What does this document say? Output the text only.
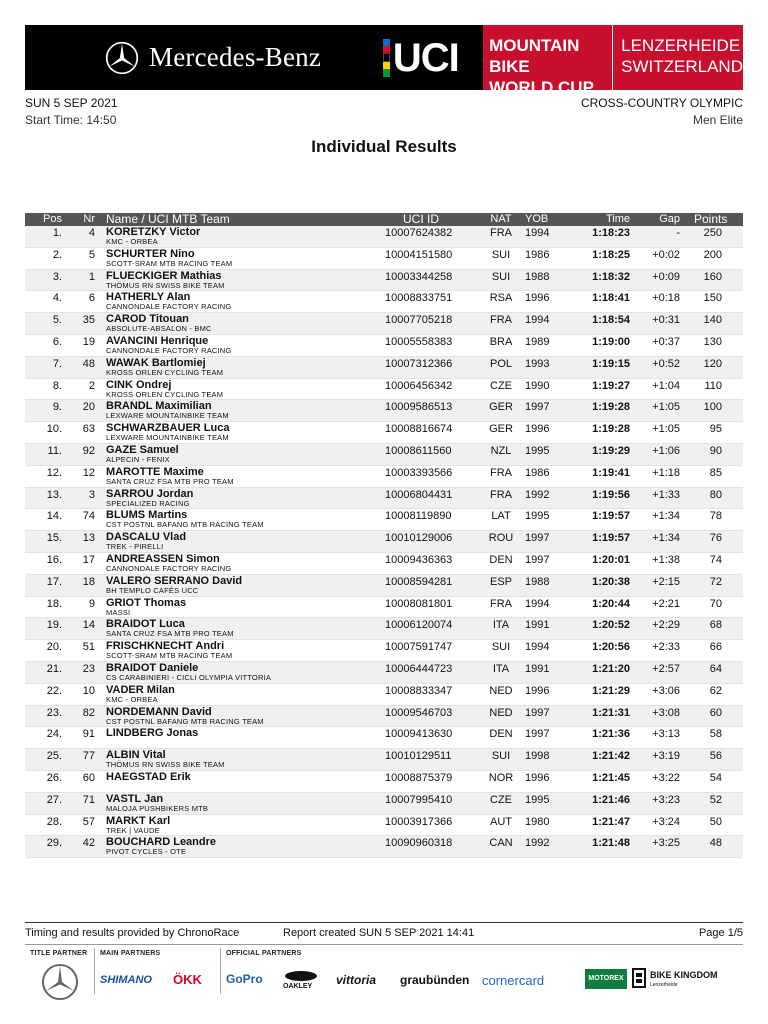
Mercedes-Benz UCI MOUNTAIN BIKE
WORLD CUP
LENZERHEIDE
SWITZERLAND
SUN 5 SEP 2021
Start Time: 14:50
CROSS-COUNTRY OLYMPIC
Men Elite
Individual Results
Pos	Nr Name / UCI MTB Team	UCI ID	NAT	YOB	Time	Gap Points
1.	4 KORETZKY Victor
KMC - ORBEA
10007624382	FRA	1994	1:18:23	-	250
2.	5 SCHURTER Nino
SCOTT-SRAM MTB RACING TEAM
10004151580	SUI	1986	1:18:25	+0:02	200
3.	1 FLUECKIGER Mathias
THÖMUS RN SWISS BIKE TEAM
10003344258	SUI	1988	1:18:32	+0:09	160
4.	6 HATHERLY Alan
CANNONDALE FACTORY RACING
10008833751	RSA	1996	1:18:41	+0:18	150
5.	35 CAROD Titouan
ABSOLUTE-ABSALON - BMC
10007705218	FRA	1994	1:18:54	+0:31	140
6.	19 AVANCINI Henrique
CANNONDALE FACTORY RACING
10005558383	BRA	1989	1:19:00	+0:37	130
7.	48 WAWAK Bartlomiej
KROSS ORLEN CYCLING TEAM
10007312366	POL	1993	1:19:15	+0:52	120
8.	2 CINK Ondrej
KROSS ORLEN CYCLING TEAM
10006456342	CZE	1990	1:19:27	+1:04	110
9.	20 BRANDL Maximilian
LEXWARE MOUNTAINBIKE TEAM
10009586513	GER	1997	1:19:28	+1:05	100
10.	63 SCHWARZBAUER Luca
LEXWARE MOUNTAINBIKE TEAM
10008816674	GER	1996	1:19:28	+1:05	95
11.	92 GAZE Samuel
ALPECIN - FENIX
10008611560	NZL	1995	1:19:29	+1:06	90
12.	12 MAROTTE Maxime
SANTA CRUZ FSA MTB PRO TEAM
10003393566	FRA	1986	1:19:41	+1:18	85
13.	3 SARROU Jordan
SPECIALIZED RACING
10006804431	FRA	1992	1:19:56	+1:33	80
14.	74 BLUMS Martins
CST POSTNL BAFANG MTB RACING TEAM
10008119890	LAT	1995	1:19:57	+1:34	78
15.	13 DASCALU Vlad
TREK - PIRELLI
10010129006	ROU	1997	1:19:57	+1:34	76
16.	17 ANDREASSEN Simon
CANNONDALE FACTORY RACING
10009436363	DEN	1997	1:20:01	+1:38	74
17.	18 VALERO SERRANO David
BH TEMPLO CAFÉS UCC
10008594281	ESP	1988	1:20:38	+2:15	72
18.	9 GRIOT Thomas
MASSI
10008081801	FRA	1994	1:20:44	+2:21	70
19.	14 BRAIDOT Luca
SANTA CRUZ FSA MTB PRO TEAM
10006120074	ITA	1991	1:20:52	+2:29	68
20.	51 FRISCHKNECHT Andri
SCOTT-SRAM MTB RACING TEAM
10007591747	SUI	1994	1:20:56	+2:33	66
21.	23 BRAIDOT Daniele
CS CARABINIERI - CICLI OLYMPIA VITTORIA
10006444723	ITA	1991	1:21:20	+2:57	64
22.	10 VADER Milan
KMC - ORBEA
10008833347	NED	1996	1:21:29	+3:06	62
23.	82 NORDEMANN David
CST POSTNL BAFANG MTB RACING TEAM
10009546703	NED	1997	1:21:31	+3:08	60
24.	91 LINDBERG Jonas	10009413630	DEN	1997	1:21:36	+3:13	58
25.	77 ALBIN Vital
THÖMUS RN SWISS BIKE TEAM
10010129511	SUI	1998	1:21:42	+3:19	56
26.	60 HAEGSTAD Erik	10008875379	NOR	1996	1:21:45	+3:22	54
27.	71 VASTL Jan
MALOJA PUSHBIKERS MTB
10007995410	CZE	1995	1:21:46	+3:23	52
28.	57 MARKT Karl
TREK | VAUDE
10003917366	AUT	1980	1:21:47	+3:24	50
29.	42 BOUCHARD Leandre
PIVOT CYCLES - OTE
10090960318	CAN	1992	1:21:48	+3:25	48
Timing and results provided by ChronoRace	Report created SUN 5 SEP 2021 14:41	Page 1/5
TITLE PARTNER MAIN PARTNERS	OFFICIAL PARTNERS
SHIMANO ÖKK GoPro
OAKLEY vittoria graubünden cornercard	MOTOREX	BIKE KINGDOM
Lenzerheide
